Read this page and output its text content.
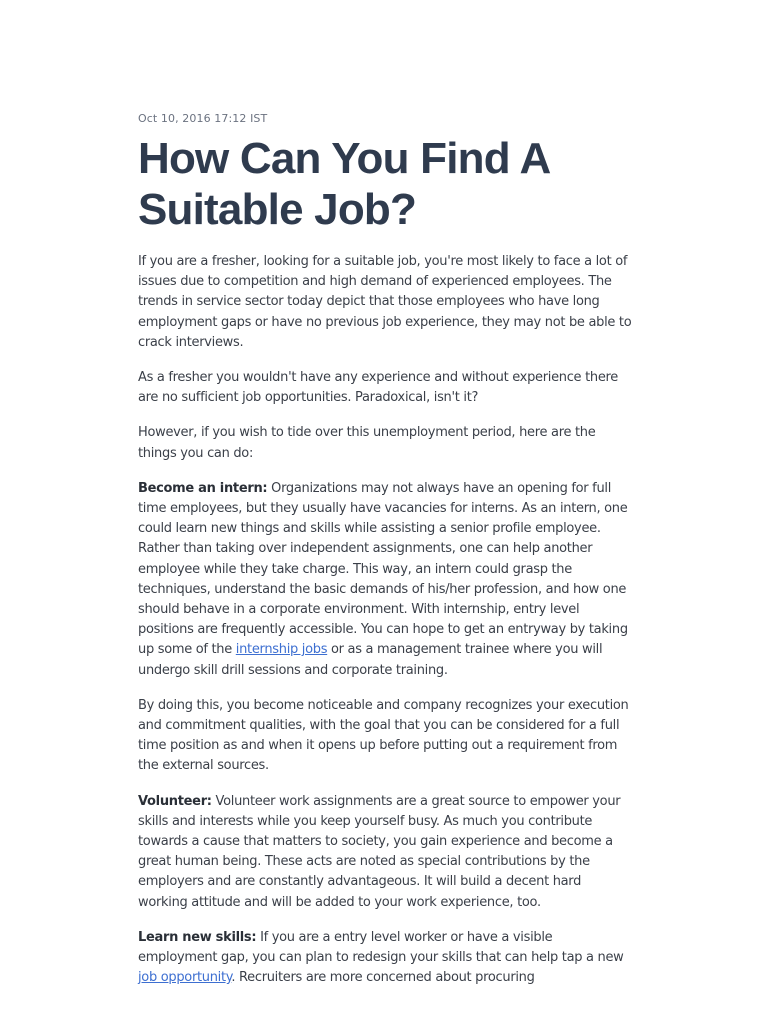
Oct 10, 2016 17:12 IST
How Can You Find A Suitable Job?

If you are a fresher, looking for a suitable job, you're most likely to face a lot of issues due to competition and high demand of experienced employees. The trends in service sector today depict that those employees who have long employment gaps or have no previous job experience, they may not be able to crack interviews.

As a fresher you wouldn't have any experience and without experience there are no sufficient job opportunities. Paradoxical, isn't it?

However, if you wish to tide over this unemployment period, here are the things you can do:

Become an intern: Organizations may not always have an opening for full time employees, but they usually have vacancies for interns. As an intern, one could learn new things and skills while assisting a senior profile employee. Rather than taking over independent assignments, one can help another employee while they take charge. This way, an intern could grasp the techniques, understand the basic demands of his/her profession, and how one should behave in a corporate environment. With internship, entry level positions are frequently accessible. You can hope to get an entryway by taking up some of the internship jobs or as a management trainee where you will undergo skill drill sessions and corporate training.

By doing this, you become noticeable and company recognizes your execution and commitment qualities, with the goal that you can be considered for a full time position as and when it opens up before putting out a requirement from the external sources.

Volunteer: Volunteer work assignments are a great source to empower your skills and interests while you keep yourself busy. As much you contribute towards a cause that matters to society, you gain experience and become a great human being. These acts are noted as special contributions by the employers and are constantly advantageous. It will build a decent hard working attitude and will be added to your work experience, too.

Learn new skills: If you are a entry level worker or have a visible employment gap, you can plan to redesign your skills that can help tap a new job opportunity. Recruiters are more concerned about procuring
